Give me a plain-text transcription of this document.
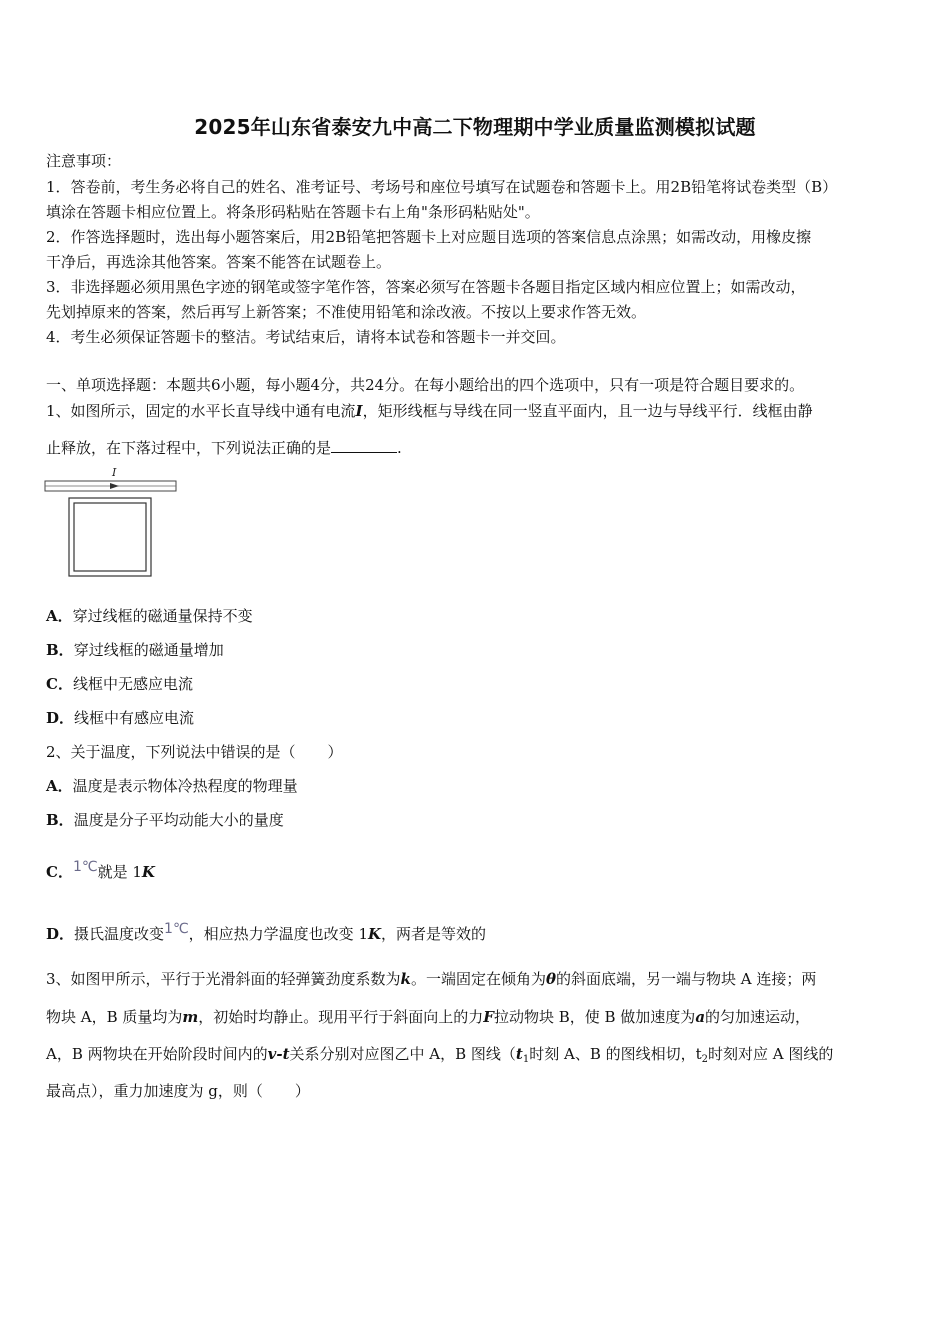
2025年山东省泰安九中高二下物理期中学业质量监测模拟试题
注意事项：
1．答卷前，考生务必将自己的姓名、准考证号、考场号和座位号填写在试题卷和答题卡上。用2B铅笔将试卷类型（B）
填涂在答题卡相应位置上。将条形码粘贴在答题卡右上角"条形码粘贴处"。
2．作答选择题时，选出每小题答案后，用2B铅笔把答题卡上对应题目选项的答案信息点涂黑；如需改动，用橡皮擦
干净后，再选涂其他答案。答案不能答在试题卷上。
3．非选择题必须用黑色字迹的钢笔或签字笔作答，答案必须写在答题卡各题目指定区域内相应位置上；如需改动，
先划掉原来的答案，然后再写上新答案；不准使用铅笔和涂改液。不按以上要求作答无效。
4．考生必须保证答题卡的整洁。考试结束后，请将本试卷和答题卡一并交回。
一、单项选择题：本题共6小题，每小题4分，共24分。在每小题给出的四个选项中，只有一项是符合题目要求的。
1、如图所示，固定的水平长直导线中通有电流I，矩形线框与导线在同一竖直平面内，且一边与导线平行．线框由静
止释放，在下落过程中，下列说法正确的是	.
I
A．穿过线框的磁通量保持不变
B．穿过线框的磁通量增加
C．线框中无感应电流
D．线框中有感应电流
2、关于温度，下列说法中错误的是（ ）
A．温度是表示物体冷热程度的物理量
B．温度是分子平均动能大小的量度
C．1℃就是 1K
D．摄氏温度改变1℃，相应热力学温度也改变 1K，两者是等效的
3、如图甲所示，平行于光滑斜面的轻弹簧劲度系数为k。一端固定在倾角为θ的斜面底端，另一端与物块 A 连接；两
物块 A，B 质量均为m，初始时均静止。现用平行于斜面向上的力F拉动物块 B，使 B 做加速度为a的匀加速运动，
A，B 两物块在开始阶段时间内的v-t关系分别对应图乙中 A，B 图线（$t_1$时刻 A、B 的图线相切，$t_2$时刻对应 A 图线的
最高点），重力加速度为 g，则（ ）
